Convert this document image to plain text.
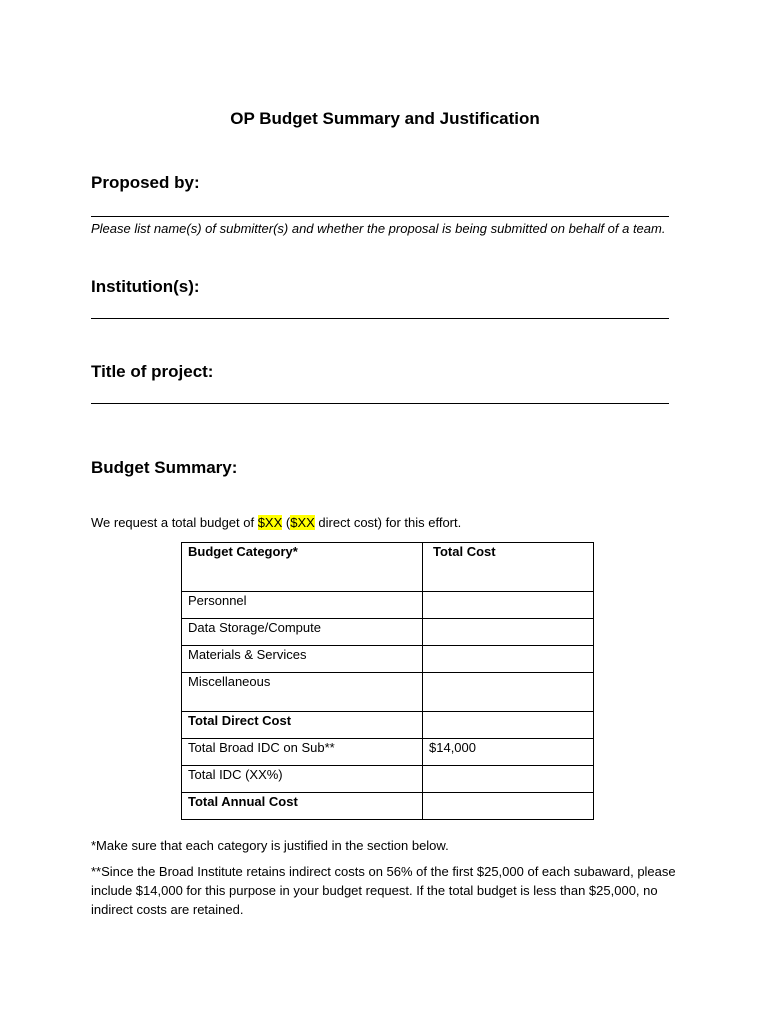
OP Budget Summary and Justification
Proposed by:
Please list name(s) of submitter(s) and whether the proposal is being submitted on behalf of a team.
Institution(s):
Title of project:
Budget Summary:
We request a total budget of $XX ($XX direct cost) for this effort.
Budget Category*	Total Cost
Personnel	
Data Storage/Compute	
Materials & Services	
Miscellaneous	
Total Direct Cost	
Total Broad IDC on Sub**	$14,000
Total IDC (XX%)	
Total Annual Cost	
*Make sure that each category is justified in the section below.
**Since the Broad Institute retains indirect costs on 56% of the first $25,000 of each subaward, please include $14,000 for this purpose in your budget request. If the total budget is less than $25,000, no indirect costs are retained.
